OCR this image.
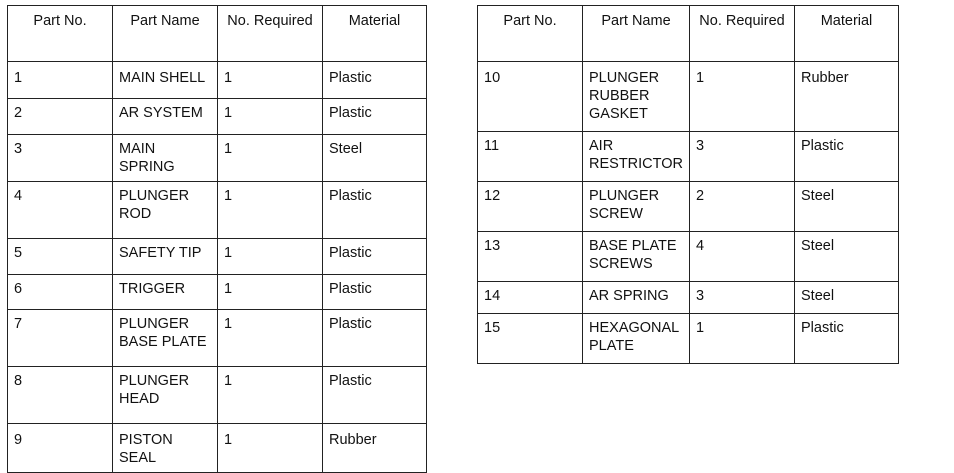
Part No.	Part Name	No. Required	Material
1	MAIN SHELL	1	Plastic
2	AR SYSTEM	1	Plastic
3	MAIN SPRING	1	Steel
4	PLUNGER ROD	1	Plastic
5	SAFETY TIP	1	Plastic
6	TRIGGER	1	Plastic
7	PLUNGER BASE PLATE	1	Plastic
8	PLUNGER HEAD	1	Plastic
9	PISTON SEAL	1	Rubber
Part No.	Part Name	No. Required	Material
10	PLUNGER RUBBER GASKET	1	Rubber
11	AIR RESTRICTOR	3	Plastic
12	PLUNGER SCREW	2	Steel
13	BASE PLATE SCREWS	4	Steel
14	AR SPRING	3	Steel
15	HEXAGONAL PLATE	1	Plastic
